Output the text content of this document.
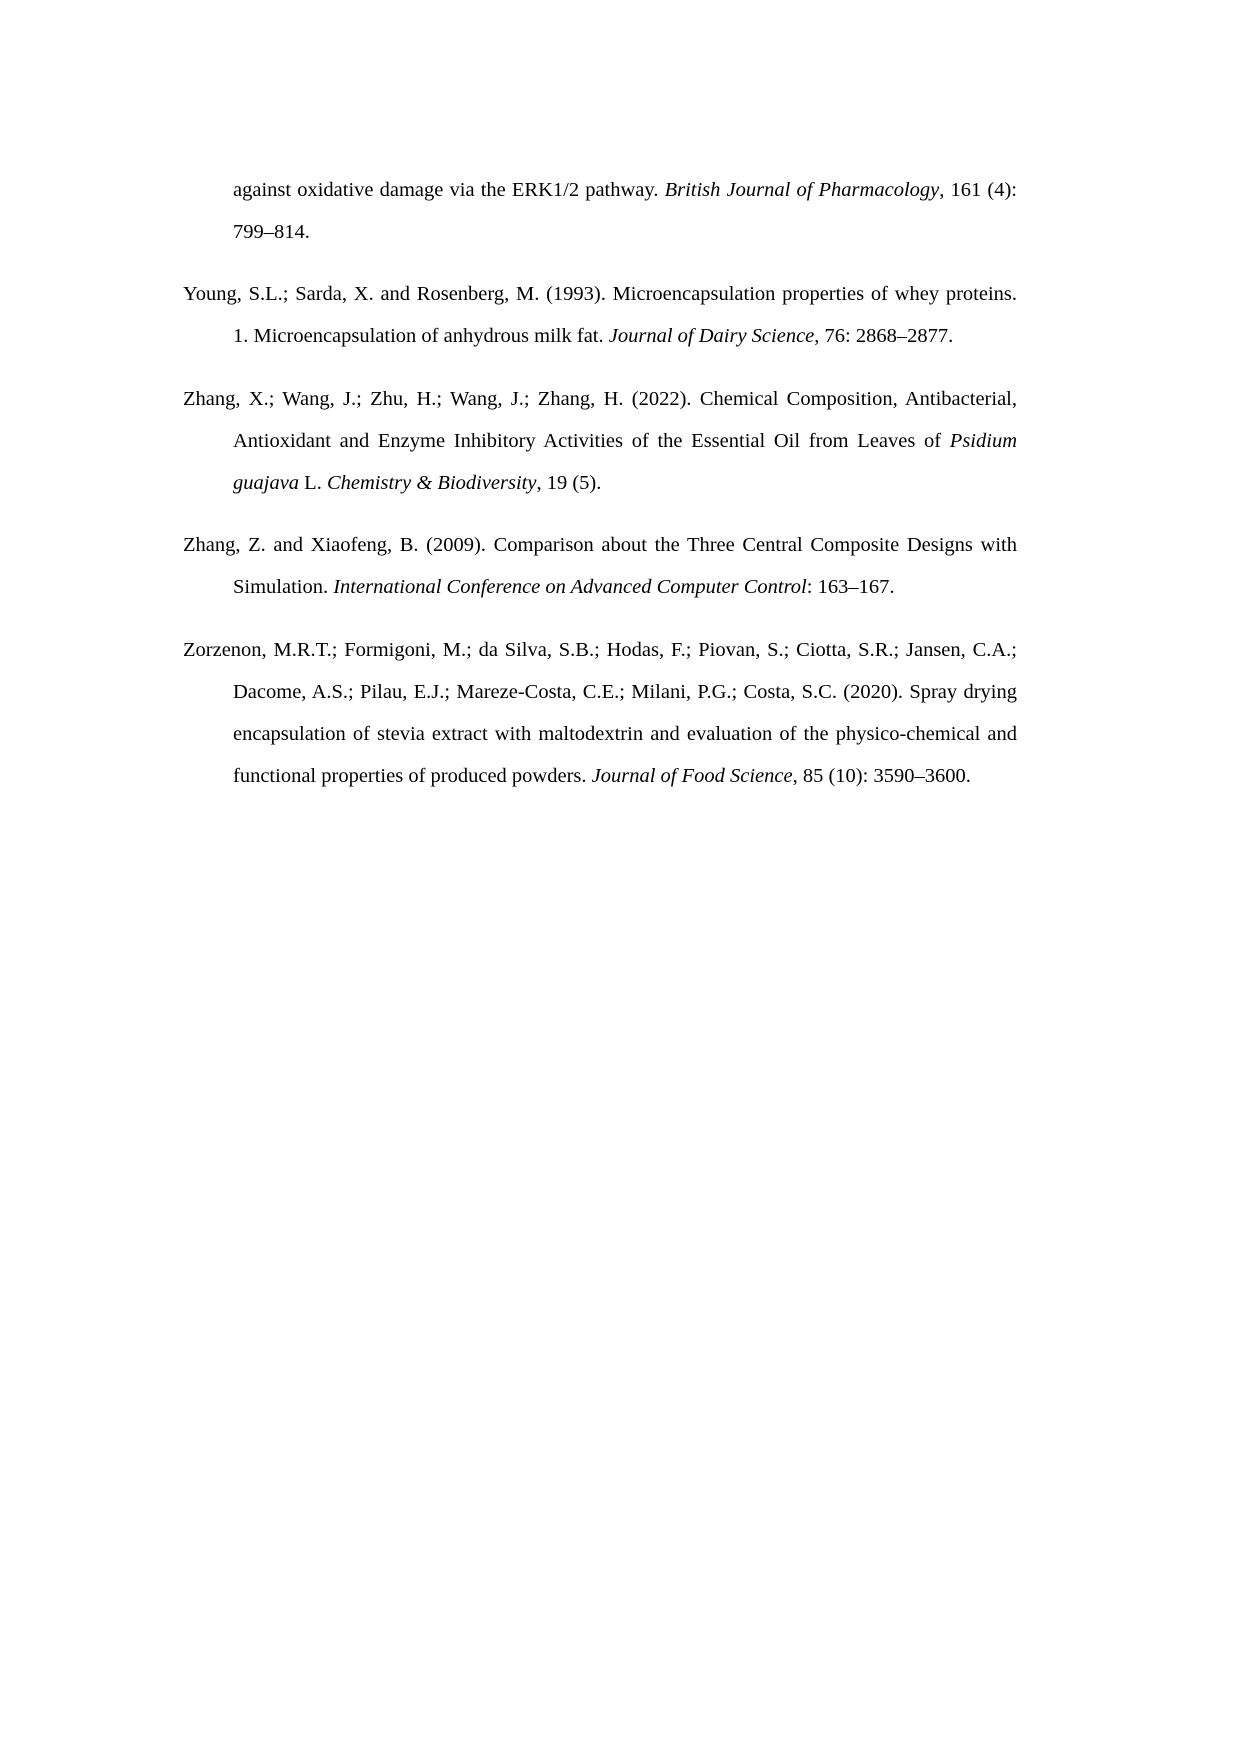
against oxidative damage via the ERK1/2 pathway. British Journal of Pharmacology, 161 (4): 799–814.

Young, S.L.; Sarda, X. and Rosenberg, M. (1993). Microencapsulation properties of whey proteins. 1. Microencapsulation of anhydrous milk fat. Journal of Dairy Science, 76: 2868–2877.

Zhang, X.; Wang, J.; Zhu, H.; Wang, J.; Zhang, H. (2022). Chemical Composition, Antibacterial, Antioxidant and Enzyme Inhibitory Activities of the Essential Oil from Leaves of Psidium guajava L. Chemistry & Biodiversity, 19 (5).

Zhang, Z. and Xiaofeng, B. (2009). Comparison about the Three Central Composite Designs with Simulation. International Conference on Advanced Computer Control: 163–167.

Zorzenon, M.R.T.; Formigoni, M.; da Silva, S.B.; Hodas, F.; Piovan, S.; Ciotta, S.R.; Jansen, C.A.; Dacome, A.S.; Pilau, E.J.; Mareze-Costa, C.E.; Milani, P.G.; Costa, S.C. (2020). Spray drying encapsulation of stevia extract with maltodextrin and evaluation of the physico-chemical and functional properties of produced powders. Journal of Food Science, 85 (10): 3590–3600.
